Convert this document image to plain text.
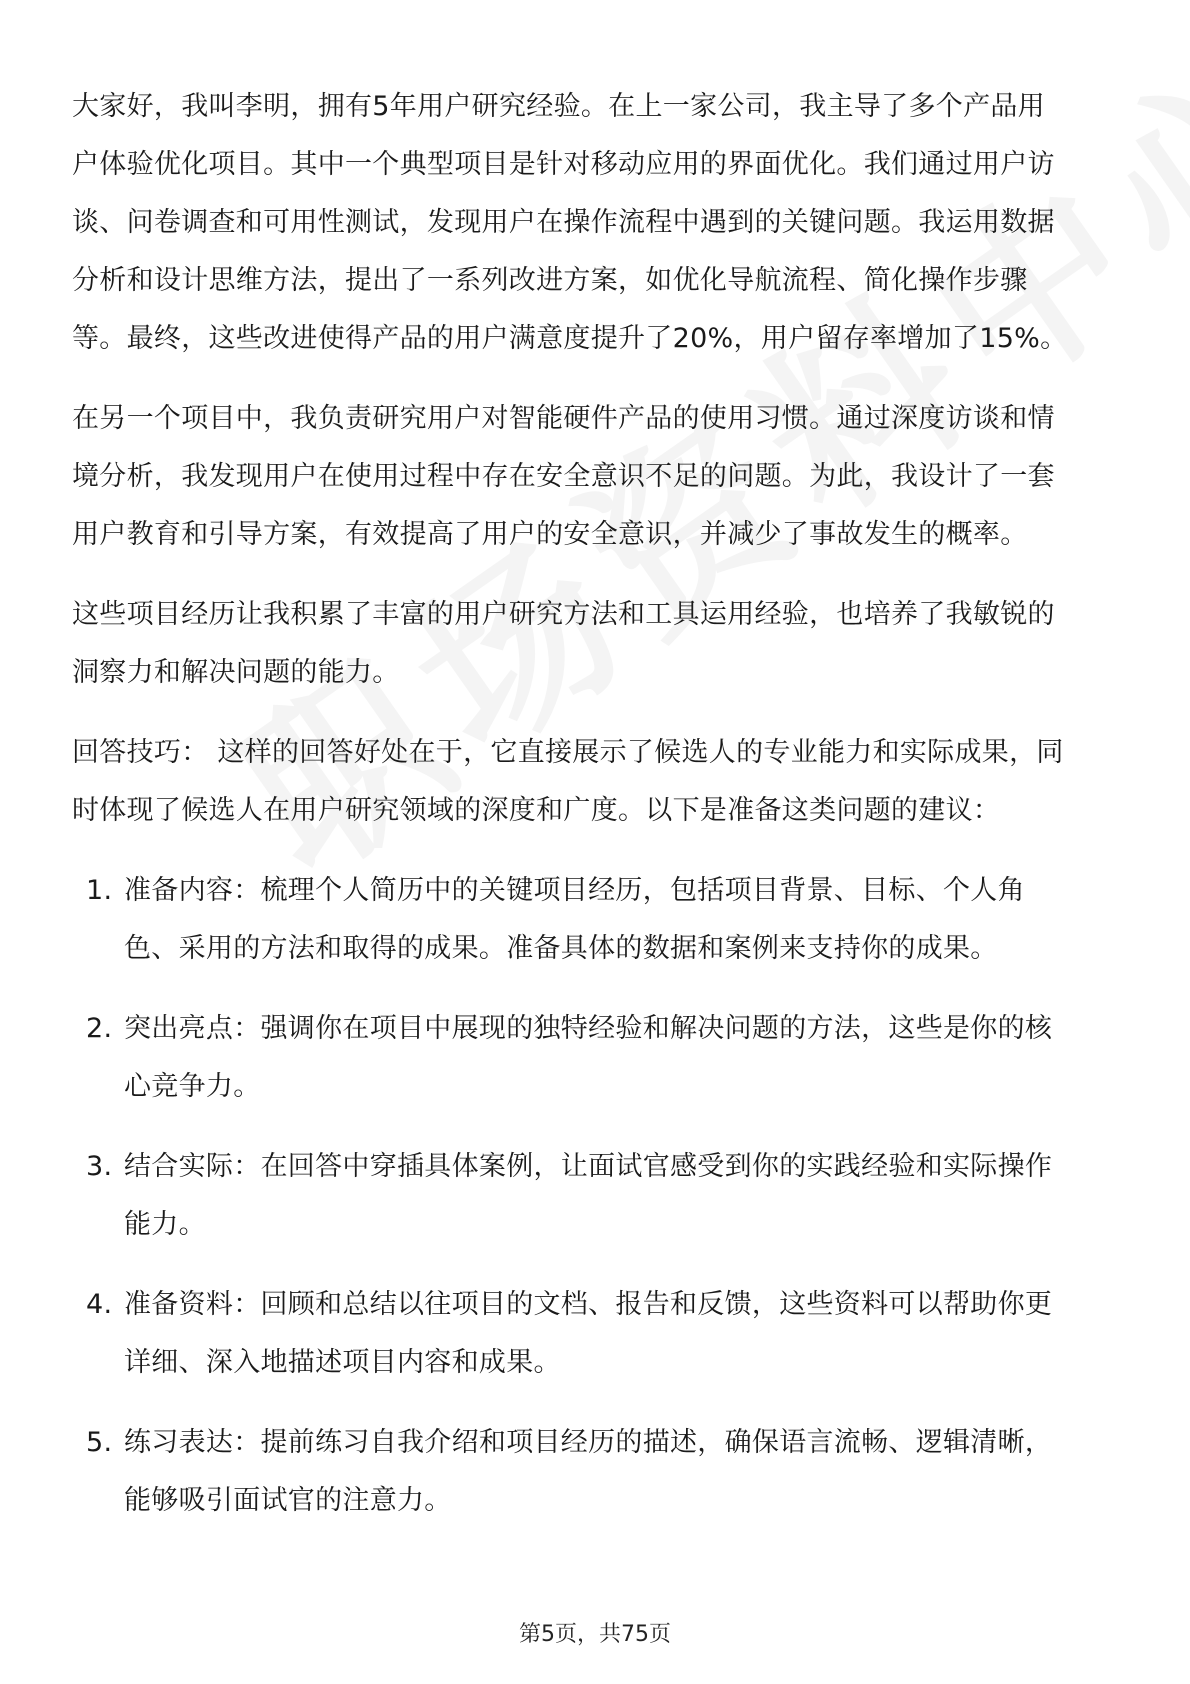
大家好，我叫李明，拥有5年用户研究经验。在上一家公司，我主导了多个产品用
户体验优化项目。其中一个典型项目是针对移动应用的界面优化。我们通过用户访
谈、问卷调查和可用性测试，发现用户在操作流程中遇到的关键问题。我运用数据
分析和设计思维方法，提出了一系列改进方案，如优化导航流程、简化操作步骤
等。最终，这些改进使得产品的用户满意度提升了20%，用户留存率增加了15%。
在另一个项目中，我负责研究用户对智能硬件产品的使用习惯。通过深度访谈和情
境分析，我发现用户在使用过程中存在安全意识不足的问题。为此，我设计了一套
用户教育和引导方案，有效提高了用户的安全意识，并减少了事故发生的概率。
这些项目经历让我积累了丰富的用户研究方法和工具运用经验，也培养了我敏锐的
洞察力和解决问题的能力。
回答技巧： 这样的回答好处在于，它直接展示了候选人的专业能力和实际成果，同
时体现了候选人在用户研究领域的深度和广度。以下是准备这类问题的建议：
1. 准备内容：梳理个人简历中的关键项目经历，包括项目背景、目标、个人角
色、采用的方法和取得的成果。准备具体的数据和案例来支持你的成果。
2. 突出亮点：强调你在项目中展现的独特经验和解决问题的方法，这些是你的核
心竞争力。
3. 结合实际：在回答中穿插具体案例，让面试官感受到你的实践经验和实际操作
能力。
4. 准备资料：回顾和总结以往项目的文档、报告和反馈，这些资料可以帮助你更
详细、深入地描述项目内容和成果。
5. 练习表达：提前练习自我介绍和项目经历的描述，确保语言流畅、逻辑清晰，
能够吸引面试官的注意力。
第5页，共75页
